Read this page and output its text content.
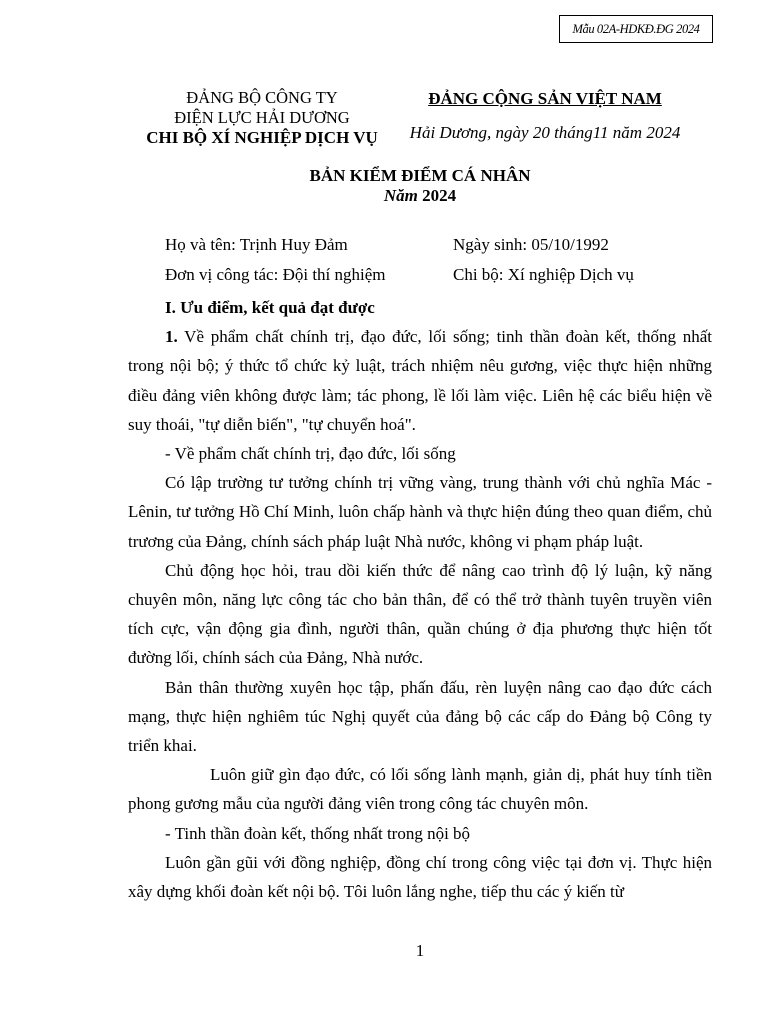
Mẫu 02A-HDKĐ.ĐG 2024
ĐẢNG BỘ CÔNG TY
ĐIỆN LỰC HẢI DƯƠNG
CHI BỘ XÍ NGHIỆP DỊCH VỤ
ĐẢNG CỘNG SẢN VIỆT NAM
Hải Dương, ngày 20 tháng11 năm 2024
BẢN KIỂM ĐIỂM CÁ NHÂN
Năm 2024
Họ và tên: Trịnh Huy Đảm	Ngày sinh: 05/10/1992
Đơn vị công tác: Đội thí nghiệm	Chi bộ: Xí nghiệp Dịch vụ

I. Ưu điểm, kết quả đạt được

1. Về phẩm chất chính trị, đạo đức, lối sống; tinh thần đoàn kết, thống nhất trong nội bộ; ý thức tổ chức kỷ luật, trách nhiệm nêu gương, việc thực hiện những điều đảng viên không được làm; tác phong, lề lối làm việc. Liên hệ các biểu hiện về suy thoái, "tự diễn biến", "tự chuyển hoá".

- Về phẩm chất chính trị, đạo đức, lối sống

Có lập trường tư tưởng chính trị vững vàng, trung thành với chủ nghĩa Mác - Lênin, tư tưởng Hồ Chí Minh, luôn chấp hành và thực hiện đúng theo quan điểm, chủ trương của Đảng, chính sách pháp luật Nhà nước, không vi phạm pháp luật.

Chủ động học hỏi, trau dồi kiến thức để nâng cao trình độ lý luận, kỹ năng chuyên môn, năng lực công tác cho bản thân, để có thể trở thành tuyên truyền viên tích cực, vận động gia đình, người thân, quần chúng ở địa phương thực hiện tốt đường lối, chính sách của Đảng, Nhà nước.

Bản thân thường xuyên học tập, phấn đấu, rèn luyện nâng cao đạo đức cách mạng, thực hiện nghiêm túc Nghị quyết của đảng bộ các cấp do Đảng bộ Công ty triển khai.

Luôn giữ gìn đạo đức, có lối sống lành mạnh, giản dị, phát huy tính tiền phong gương mẫu của người đảng viên trong công tác chuyên môn.

- Tinh thần đoàn kết, thống nhất trong nội bộ

Luôn gần gũi với đồng nghiệp, đồng chí trong công việc tại đơn vị. Thực hiện xây dựng khối đoàn kết nội bộ. Tôi luôn lắng nghe, tiếp thu các ý kiến từ

1
